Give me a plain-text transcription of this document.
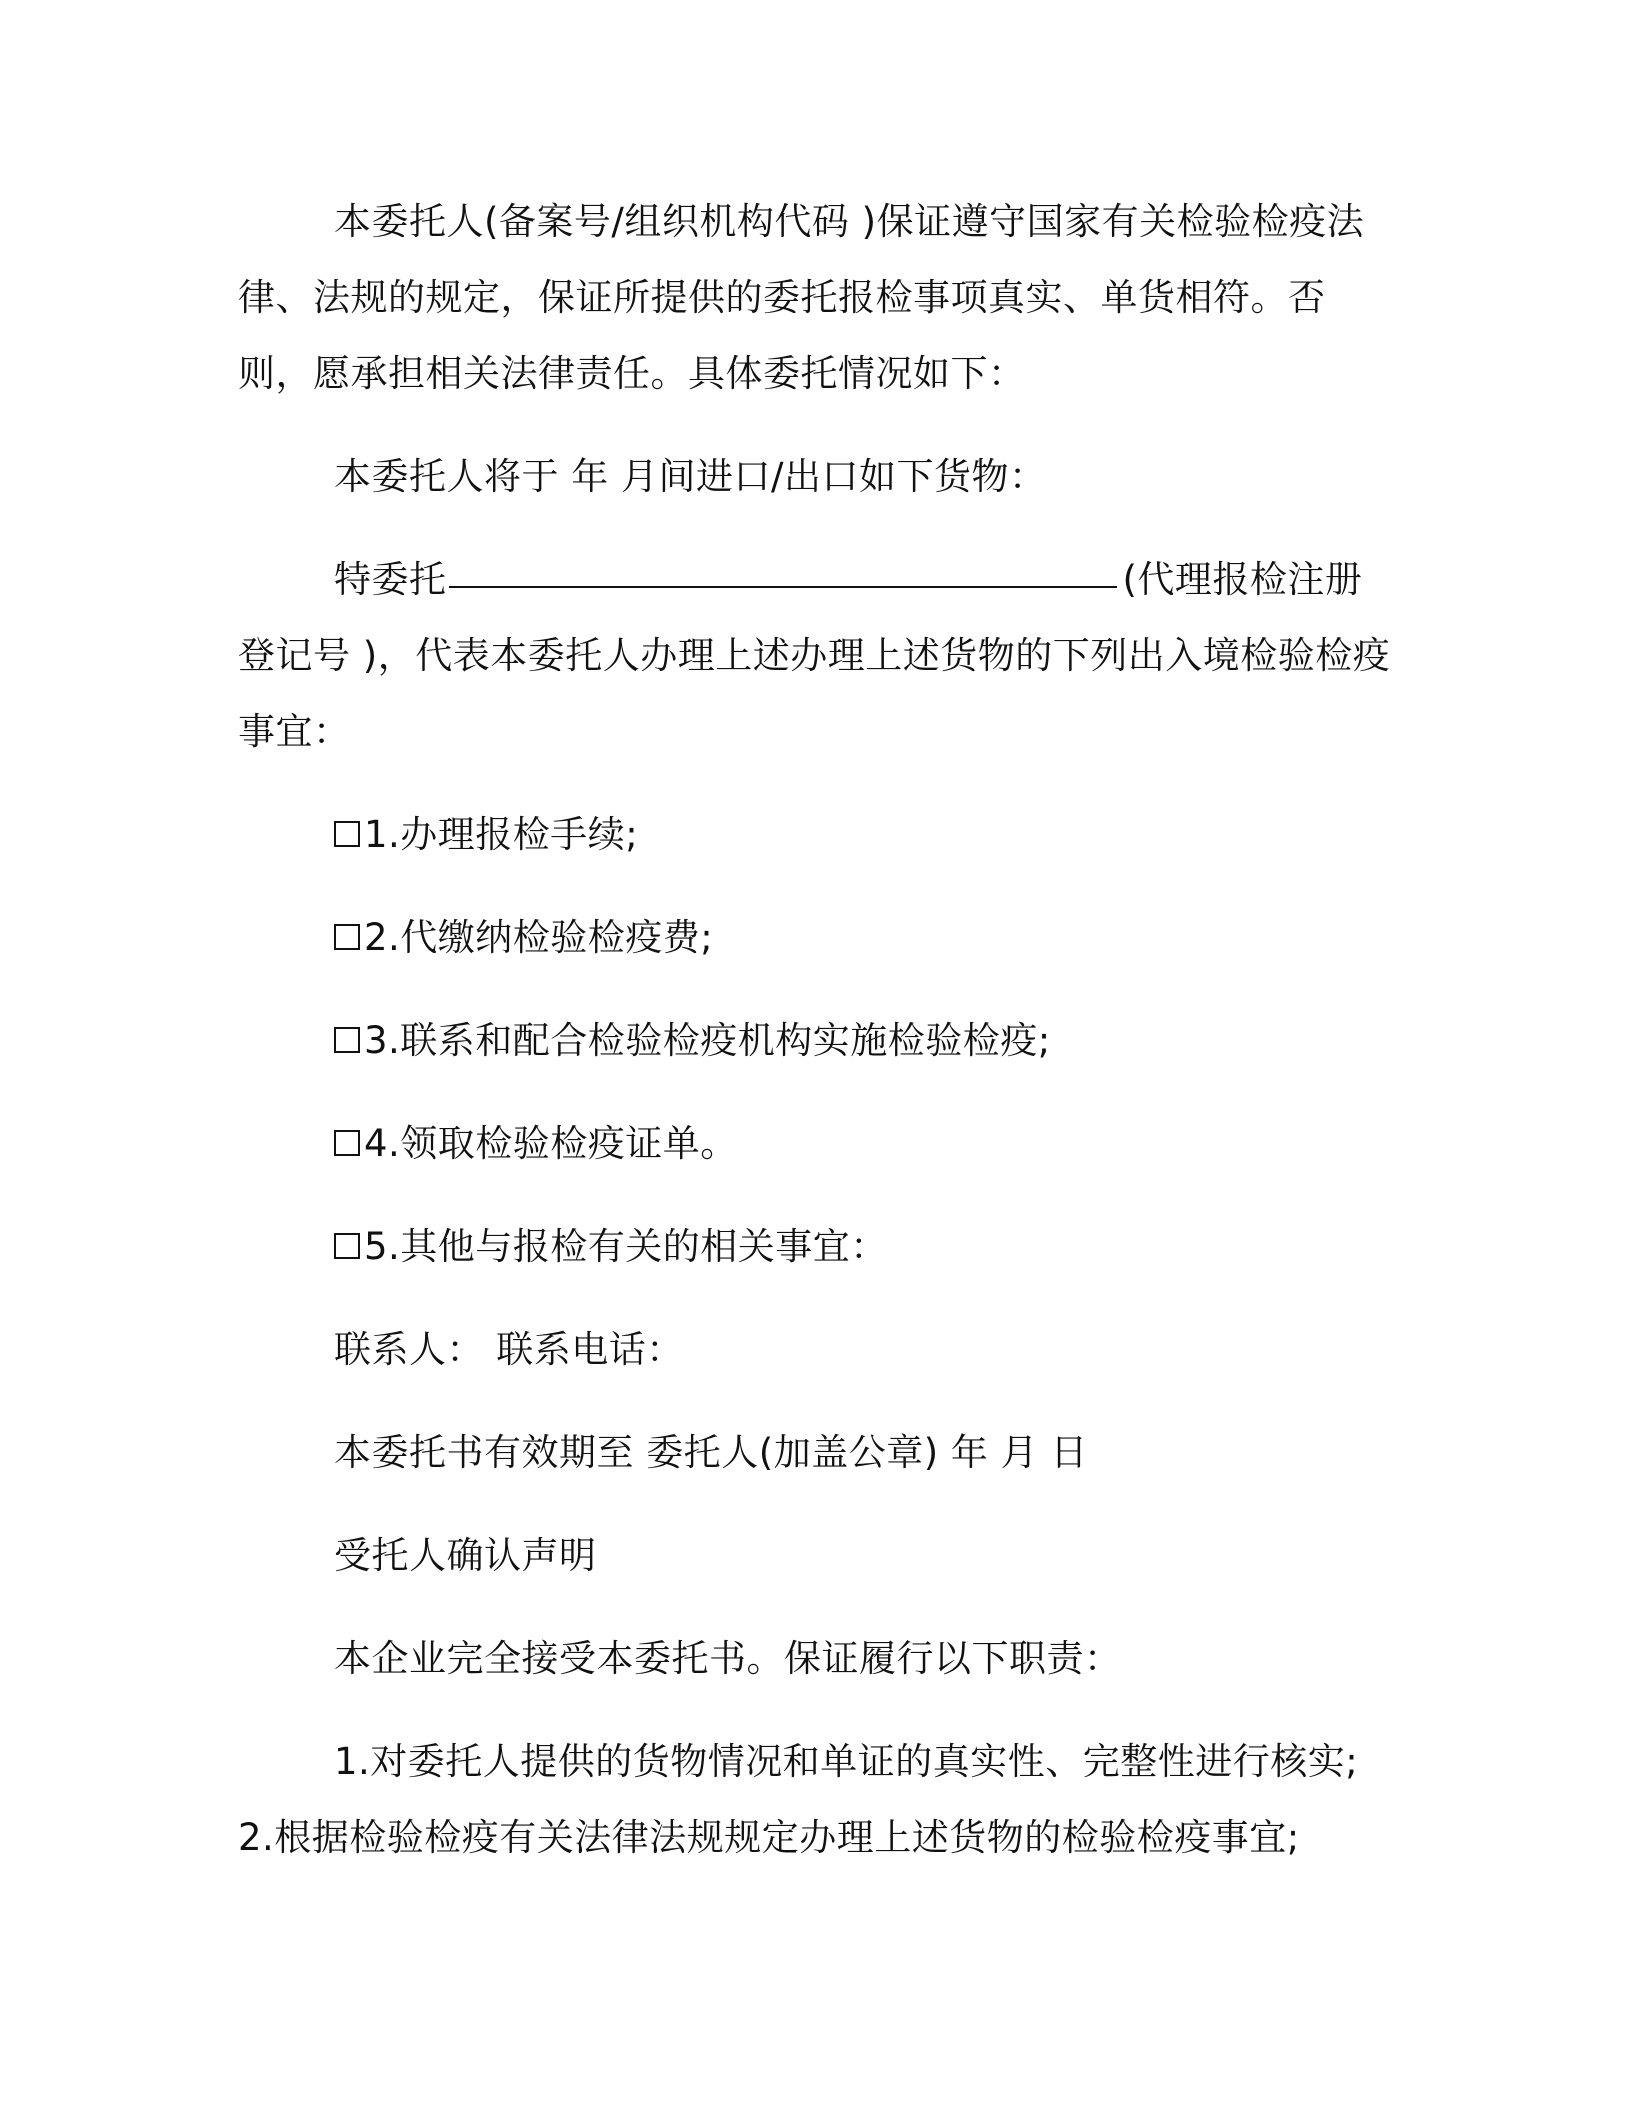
本委托人(备案号/组织机构代码 )保证遵守国家有关检验检疫法律、法规的规定，保证所提供的委托报检事项真实、单货相符。否则，愿承担相关法律责任。具体委托情况如下：

本委托人将于 年 月间进口/出口如下货物：

特委托	(代理报检注册登记号 )，代表本委托人办理上述办理上述货物的下列出入境检验检疫事宜：

1.办理报检手续;
2.代缴纳检验检疫费;
3.联系和配合检验检疫机构实施检验检疫;
4.领取检验检疫证单。
5.其他与报检有关的相关事宜：
联系人： 联系电话：
本委托书有效期至 委托人(加盖公章) 年 月 日
受托人确认声明
本企业完全接受本委托书。保证履行以下职责：

1.对委托人提供的货物情况和单证的真实性、完整性进行核实; 2.根据检验检疫有关法律法规规定办理上述货物的检验检疫事宜;
